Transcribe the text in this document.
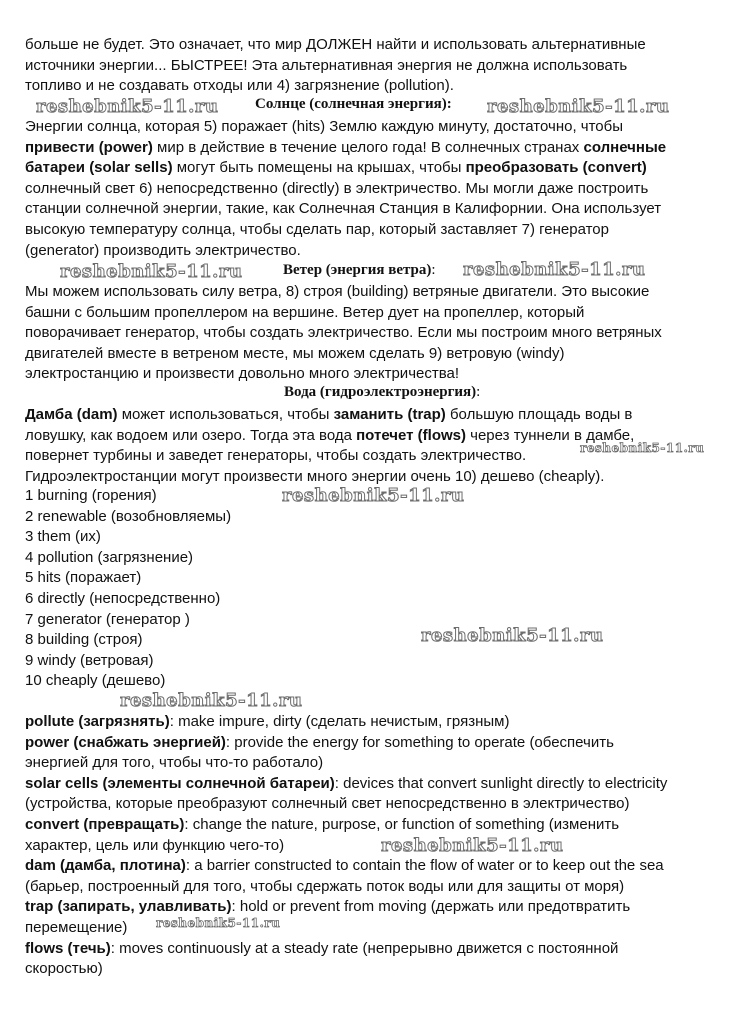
больше не будет. Это означает, что мир ДОЛЖЕН найти и использовать альтернативные
источники энергии... БЫСТРЕЕ! Эта альтернативная энергия не должна использовать
топливо и не создавать отходы или 4) загрязнение (pollution).
Солнце (солнечная энергия):
Энергии солнца, которая 5) поражает (hits) Землю каждую минуту, достаточно, чтобы
привести (power) мир в действие в течение целого года! В солнечных странах солнечные
батареи (solar sells) могут быть помещены на крышах, чтобы преобразовать (convert)
солнечный свет 6) непосредственно (directly) в электричество. Мы могли даже построить
станции солнечной энергии, такие, как Солнечная Станция в Калифорнии. Она использует
высокую температуру солнца, чтобы сделать пар, который заставляет 7) генератор
(generator) производить электричество.
Ветер (энергия ветра):
Мы можем использовать силу ветра, 8) строя (building) ветряные двигатели. Это высокие
башни с большим пропеллером на вершине. Ветер дует на пропеллер, который
поворачивает генератор, чтобы создать электричество. Если мы построим много ветряных
двигателей вместе в ветреном месте, мы можем сделать 9) ветровую (windy)
электростанцию и произвести довольно много электричества!
Вода (гидроэлектроэнергия):
Дамба (dam) может использоваться, чтобы заманить (trap) большую площадь воды в
ловушку, как водоем или озеро. Тогда эта вода потечет (flows) через туннели в дамбе,
повернет турбины и заведет генераторы, чтобы создать электричество.
Гидроэлектростанции могут произвести много энергии очень 10) дешево (cheaply).
1 burning (горения)
2 renewable (возобновляемы)
3 them (их)
4 pollution (загрязнение)
5 hits (поражает)
6 directly (непосредственно)
7 generator (генератор )
8 building (строя)
9 windy (ветровая)
10 cheaply (дешево)
pollute (загрязнять): make impure, dirty (сделать нечистым, грязным)
power (снабжать энергией): provide the energy for something to operate (обеспечить
энергией для того, чтобы что-то работало)
solar cells (элементы солнечной батареи): devices that convert sunlight directly to electricity
(устройства, которые преобразуют солнечный свет непосредственно в электричество)
convert (превращать): change the nature, purpose, or function of something (изменить
характер, цель или функцию чего-то)
dam (дамба, плотина): a barrier constructed to contain the flow of water or to keep out the sea
(барьер, построенный для того, чтобы сдержать поток воды или для защиты от моря)
trap (запирать, улавливать): hold or prevent from moving (держать или предотвратить
перемещение)
flows (течь): moves continuously at a steady rate (непрерывно движется с постоянной
скоростью)
reshebnik5-11.ru	reshebnik5-11.ru
reshebnik5-11.ru	reshebnik5-11.ru
reshebnik5-11.ru
reshebnik5-11.ru
reshebnik5-11.ru
reshebnik5-11.ru
reshebnik5-11.ru
reshebnik5-11.ru
